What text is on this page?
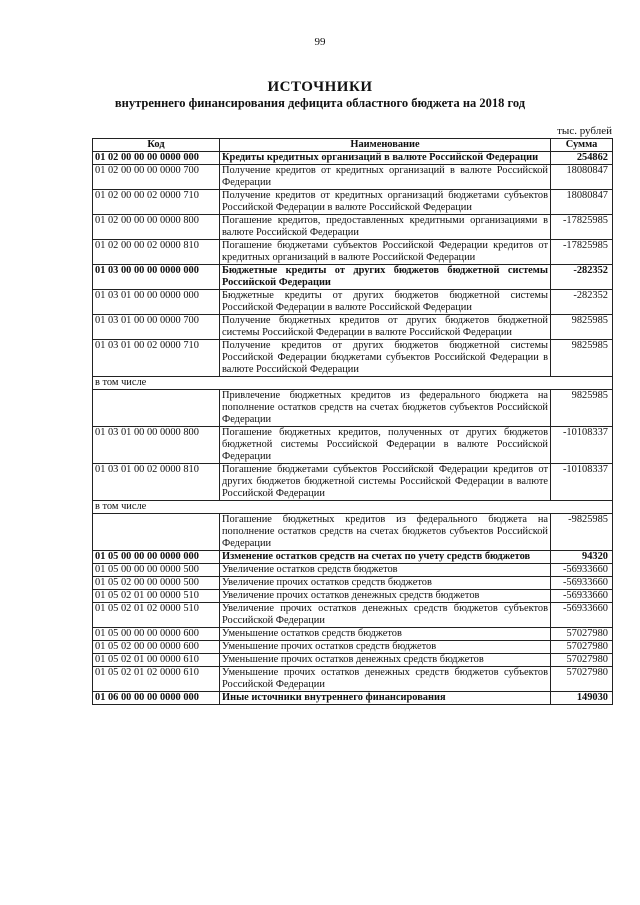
99
ИСТОЧНИКИ
внутреннего финансирования дефицита областного бюджета на 2018 год
тыс. рублей
Код	Наименование	Сумма
01 02 00 00 00 0000 000	Кредиты кредитных организаций в валюте Российской Федерации	254862
01 02 00 00 00 0000 700	Получение кредитов от кредитных организаций в валюте Российской Федерации	18080847
01 02 00 00 02 0000 710	Получение кредитов от кредитных организаций бюджетами субъектов Российской Федерации в валюте Российской Федерации	18080847
01 02 00 00 00 0000 800	Погашение кредитов, предоставленных кредитными организациями в валюте Российской Федерации	-17825985
01 02 00 00 02 0000 810	Погашение бюджетами субъектов Российской Федерации кредитов от кредитных организаций в валюте Российской Федерации	-17825985
01 03 00 00 00 0000 000	Бюджетные кредиты от других бюджетов бюджетной системы Российской Федерации	-282352
01 03 01 00 00 0000 000	Бюджетные кредиты от других бюджетов бюджетной системы Российской Федерации в валюте Российской Федерации	-282352
01 03 01 00 00 0000 700	Получение бюджетных кредитов от других бюджетов бюджетной системы Российской Федерации в валюте Российской Федерации	9825985
01 03 01 00 02 0000 710	Получение кредитов от других бюджетов бюджетной системы Российской Федерации бюджетами субъектов Российской Федерации в валюте Российской Федерации	9825985
в том числе		
	Привлечение бюджетных кредитов из федерального бюджета на пополнение остатков средств на счетах бюджетов субъектов Российской Федерации	9825985
01 03 01 00 00 0000 800	Погашение бюджетных кредитов, полученных от других бюджетов бюджетной системы Российской Федерации в валюте Российской Федерации	-10108337
01 03 01 00 02 0000 810	Погашение бюджетами субъектов Российской Федерации кредитов от других бюджетов бюджетной системы Российской Федерации в валюте Российской Федерации	-10108337
в том числе		
	Погашение бюджетных кредитов из федерального бюджета на пополнение остатков средств на счетах бюджетов субъектов Российской Федерации	-9825985
01 05 00 00 00 0000 000	Изменение остатков средств на счетах по учету средств бюджетов	94320
01 05 00 00 00 0000 500	Увеличение остатков средств бюджетов	-56933660
01 05 02 00 00 0000 500	Увеличение прочих остатков средств бюджетов	-56933660
01 05 02 01 00 0000 510	Увеличение прочих остатков денежных средств бюджетов	-56933660
01 05 02 01 02 0000 510	Увеличение прочих остатков денежных средств бюджетов субъектов Российской Федерации	-56933660
01 05 00 00 00 0000 600	Уменьшение остатков средств бюджетов	57027980
01 05 02 00 00 0000 600	Уменьшение прочих остатков средств бюджетов	57027980
01 05 02 01 00 0000 610	Уменьшение прочих остатков денежных средств бюджетов	57027980
01 05 02 01 02 0000 610	Уменьшение прочих остатков денежных средств бюджетов субъектов Российской Федерации	57027980
01 06 00 00 00 0000 000	Иные источники внутреннего финансирования	149030
